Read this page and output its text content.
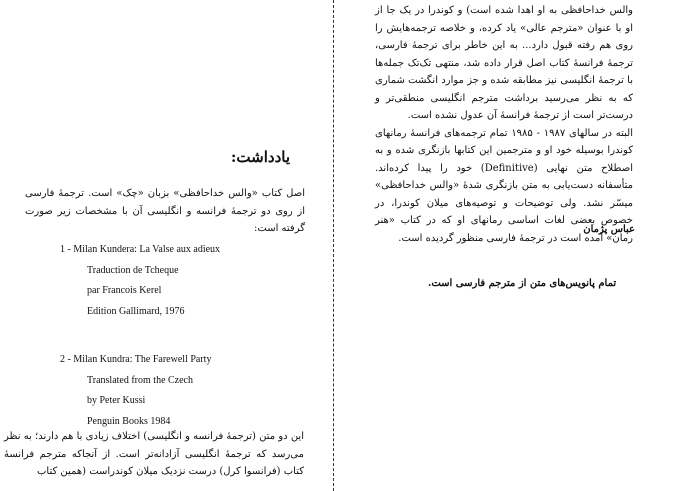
یادداشت:
اصل کتاب «والس خداحافظی» بزبان «چک» است. ترجمهٔ فارسی از روی دو ترجمهٔ فرانسه و انگلیسی آن با مشخصات زیر صورت گرفته است:
1 - Milan Kundera: La Valse aux adieux
Traduction de Tcheque
par Francois Kerel
Edition Gallimard, 1976
2 - Milan Kundra: The Farewell Party
Translated from the Czech
by Peter Kussi
Penguin Books 1984
این دو متن (ترجمهٔ فرانسه و انگلیسی) اختلاف زیادی با هم دارند؛ به نظر می‌رسد که ترجمهٔ انگلیسی آزادانه‌تر است. از آنجاکه مترجم فرانسهٔ کتاب (فرانسوا کرل) درست نزدیک میلان کوندراست (همین کتاب
والس خداحافظی به او اهدا شده است) و کوندرا در یک جا از او با عنوان «مترجم عالی» یاد کرده، و خلاصه ترجمه‌هایش را روی هم رفته قبول دارد... به این خاطر برای ترجمهٔ فارسی، ترجمهٔ فرانسهٔ کتاب اصل قرار داده شد، منتهی تک‌تک جمله‌ها با ترجمهٔ انگلیسی نیز مطابقه شده و جز موارد انگشت شماری که به نظر می‌رسید برداشت مترجم انگلیسی منطقی‌تر و درست‌تر است از ترجمهٔ فرانسهٔ آن عدول نشده است.
البته در سالهای ۱۹۸۷ - ۱۹۸۵ تمام ترجمه‌های فرانسهٔ رمانهای کوندرا بوسیله خود او و مترجمین این کتابها بازنگری شده و به اصطلاح متن نهایی (Definitive) خود را پیدا کرده‌اند. متأسفانه دست‌یابی به متن بازنگری شدهٔ «والس خداحافظی» میسّر نشد. ولی توضیحات و توصیه‌های میلان کوندرا، در خصوص بعضی لغات اساسی رمانهای او که در کتاب «هنر رمان» آمده است در ترجمهٔ فارسی منظور گردیده است.
عباس پژمان
تمام پانویس‌های متن از مترجم فارسی است.
